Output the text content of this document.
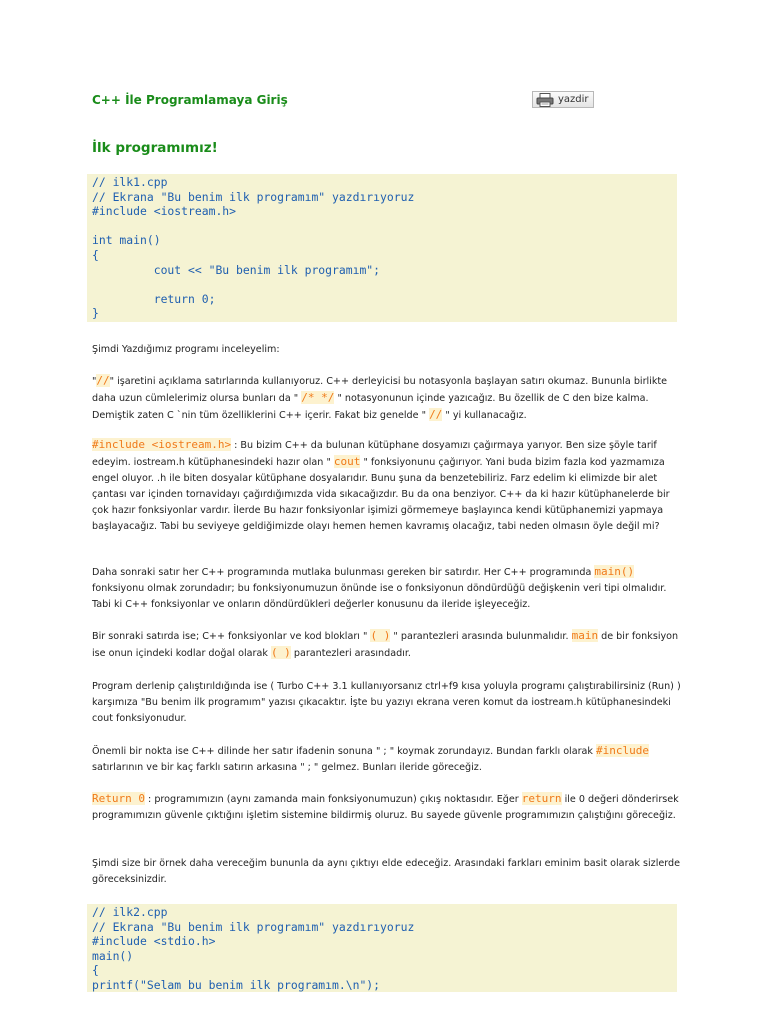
C++ İle Programlamaya Giriş	yazdir
İlk programımız!
// ilk1.cpp
// Ekrana "Bu benim ilk programım" yazdırıyoruz
#include <iostream.h>

int main()
{
cout << "Bu benim ilk programım";

return 0;
}

Şimdi Yazdığımız programı inceleyelim:

"//" işaretini açıklama satırlarında kullanıyoruz. C++ derleyicisi bu notasyonla başlayan satırı okumaz. Bununla birlikte daha uzun cümlelerimiz olursa bunları da " /* */ " notasyonunun içinde yazıcağız. Bu özellik de C den bize kalma. Demiştik zaten C `nin tüm özelliklerini C++ içerir. Fakat biz genelde " // " yi kullanacağız.

#include <iostream.h> : Bu bizim C++ da bulunan kütüphane dosyamızı çağırmaya yarıyor. Ben size şöyle tarif edeyim. iostream.h kütüphanesindeki hazır olan " cout " fonksiyonunu çağırıyor. Yani buda bizim fazla kod yazmamıza engel oluyor. .h ile biten dosyalar kütüphane dosyalarıdır. Bunu şuna da benzetebiliriz. Farz edelim ki elimizde bir alet çantası var içinden tornavidayı çağırdığımızda vida sıkacağızdır. Bu da ona benziyor. C++ da ki hazır kütüphanelerde bir çok hazır fonksiyonlar vardır. İlerde Bu hazır fonksiyonlar işimizi görmemeye başlayınca kendi kütüphanemizi yapmaya başlayacağız. Tabi bu seviyeye geldiğimizde olayı hemen hemen kavramış olacağız, tabi neden olmasın öyle değil mi?

Daha sonraki satır her C++ programında mutlaka bulunması gereken bir satırdır. Her C++ programında main() fonksiyonu olmak zorundadır; bu fonksiyonumuzun önünde ise o fonksiyonun döndürdüğü değişkenin veri tipi olmalıdır. Tabi ki C++ fonksiyonlar ve onların döndürdükleri değerler konusunu da ileride işleyeceğiz.

Bir sonraki satırda ise; C++ fonksiyonlar ve kod blokları " ( ) " parantezleri arasında bulunmalıdır. main de bir fonksiyon ise onun içindeki kodlar doğal olarak ( ) parantezleri arasındadır.

Program derlenip çalıştırıldığında ise ( Turbo C++ 3.1 kullanıyorsanız ctrl+f9 kısa yoluyla programı çalıştırabilirsiniz (Run) ) karşımıza "Bu benim ilk programım" yazısı çıkacaktır. İşte bu yazıyı ekrana veren komut da iostream.h kütüphanesindeki cout fonksiyonudur.

Önemli bir nokta ise C++ dilinde her satır ifadenin sonuna " ; " koymak zorundayız. Bundan farklı olarak #include satırlarının ve bir kaç farklı satırın arkasına " ; " gelmez. Bunları ileride göreceğiz.

Return 0 : programımızın (aynı zamanda main fonksiyonumuzun) çıkış noktasıdır. Eğer return ile 0 değeri dönderirsek programımızın güvenle çıktığını işletim sistemine bildirmiş oluruz. Bu sayede güvenle programımızın çalıştığını göreceğiz.

Şimdi size bir örnek daha vereceğim bununla da aynı çıktıyı elde edeceğiz. Arasındaki farkları eminim basit olarak sizlerde göreceksinizdir.

// ilk2.cpp
// Ekrana "Bu benim ilk programım" yazdırıyoruz
#include <stdio.h>
main()
{
printf("Selam bu benim ilk programım.\n");
